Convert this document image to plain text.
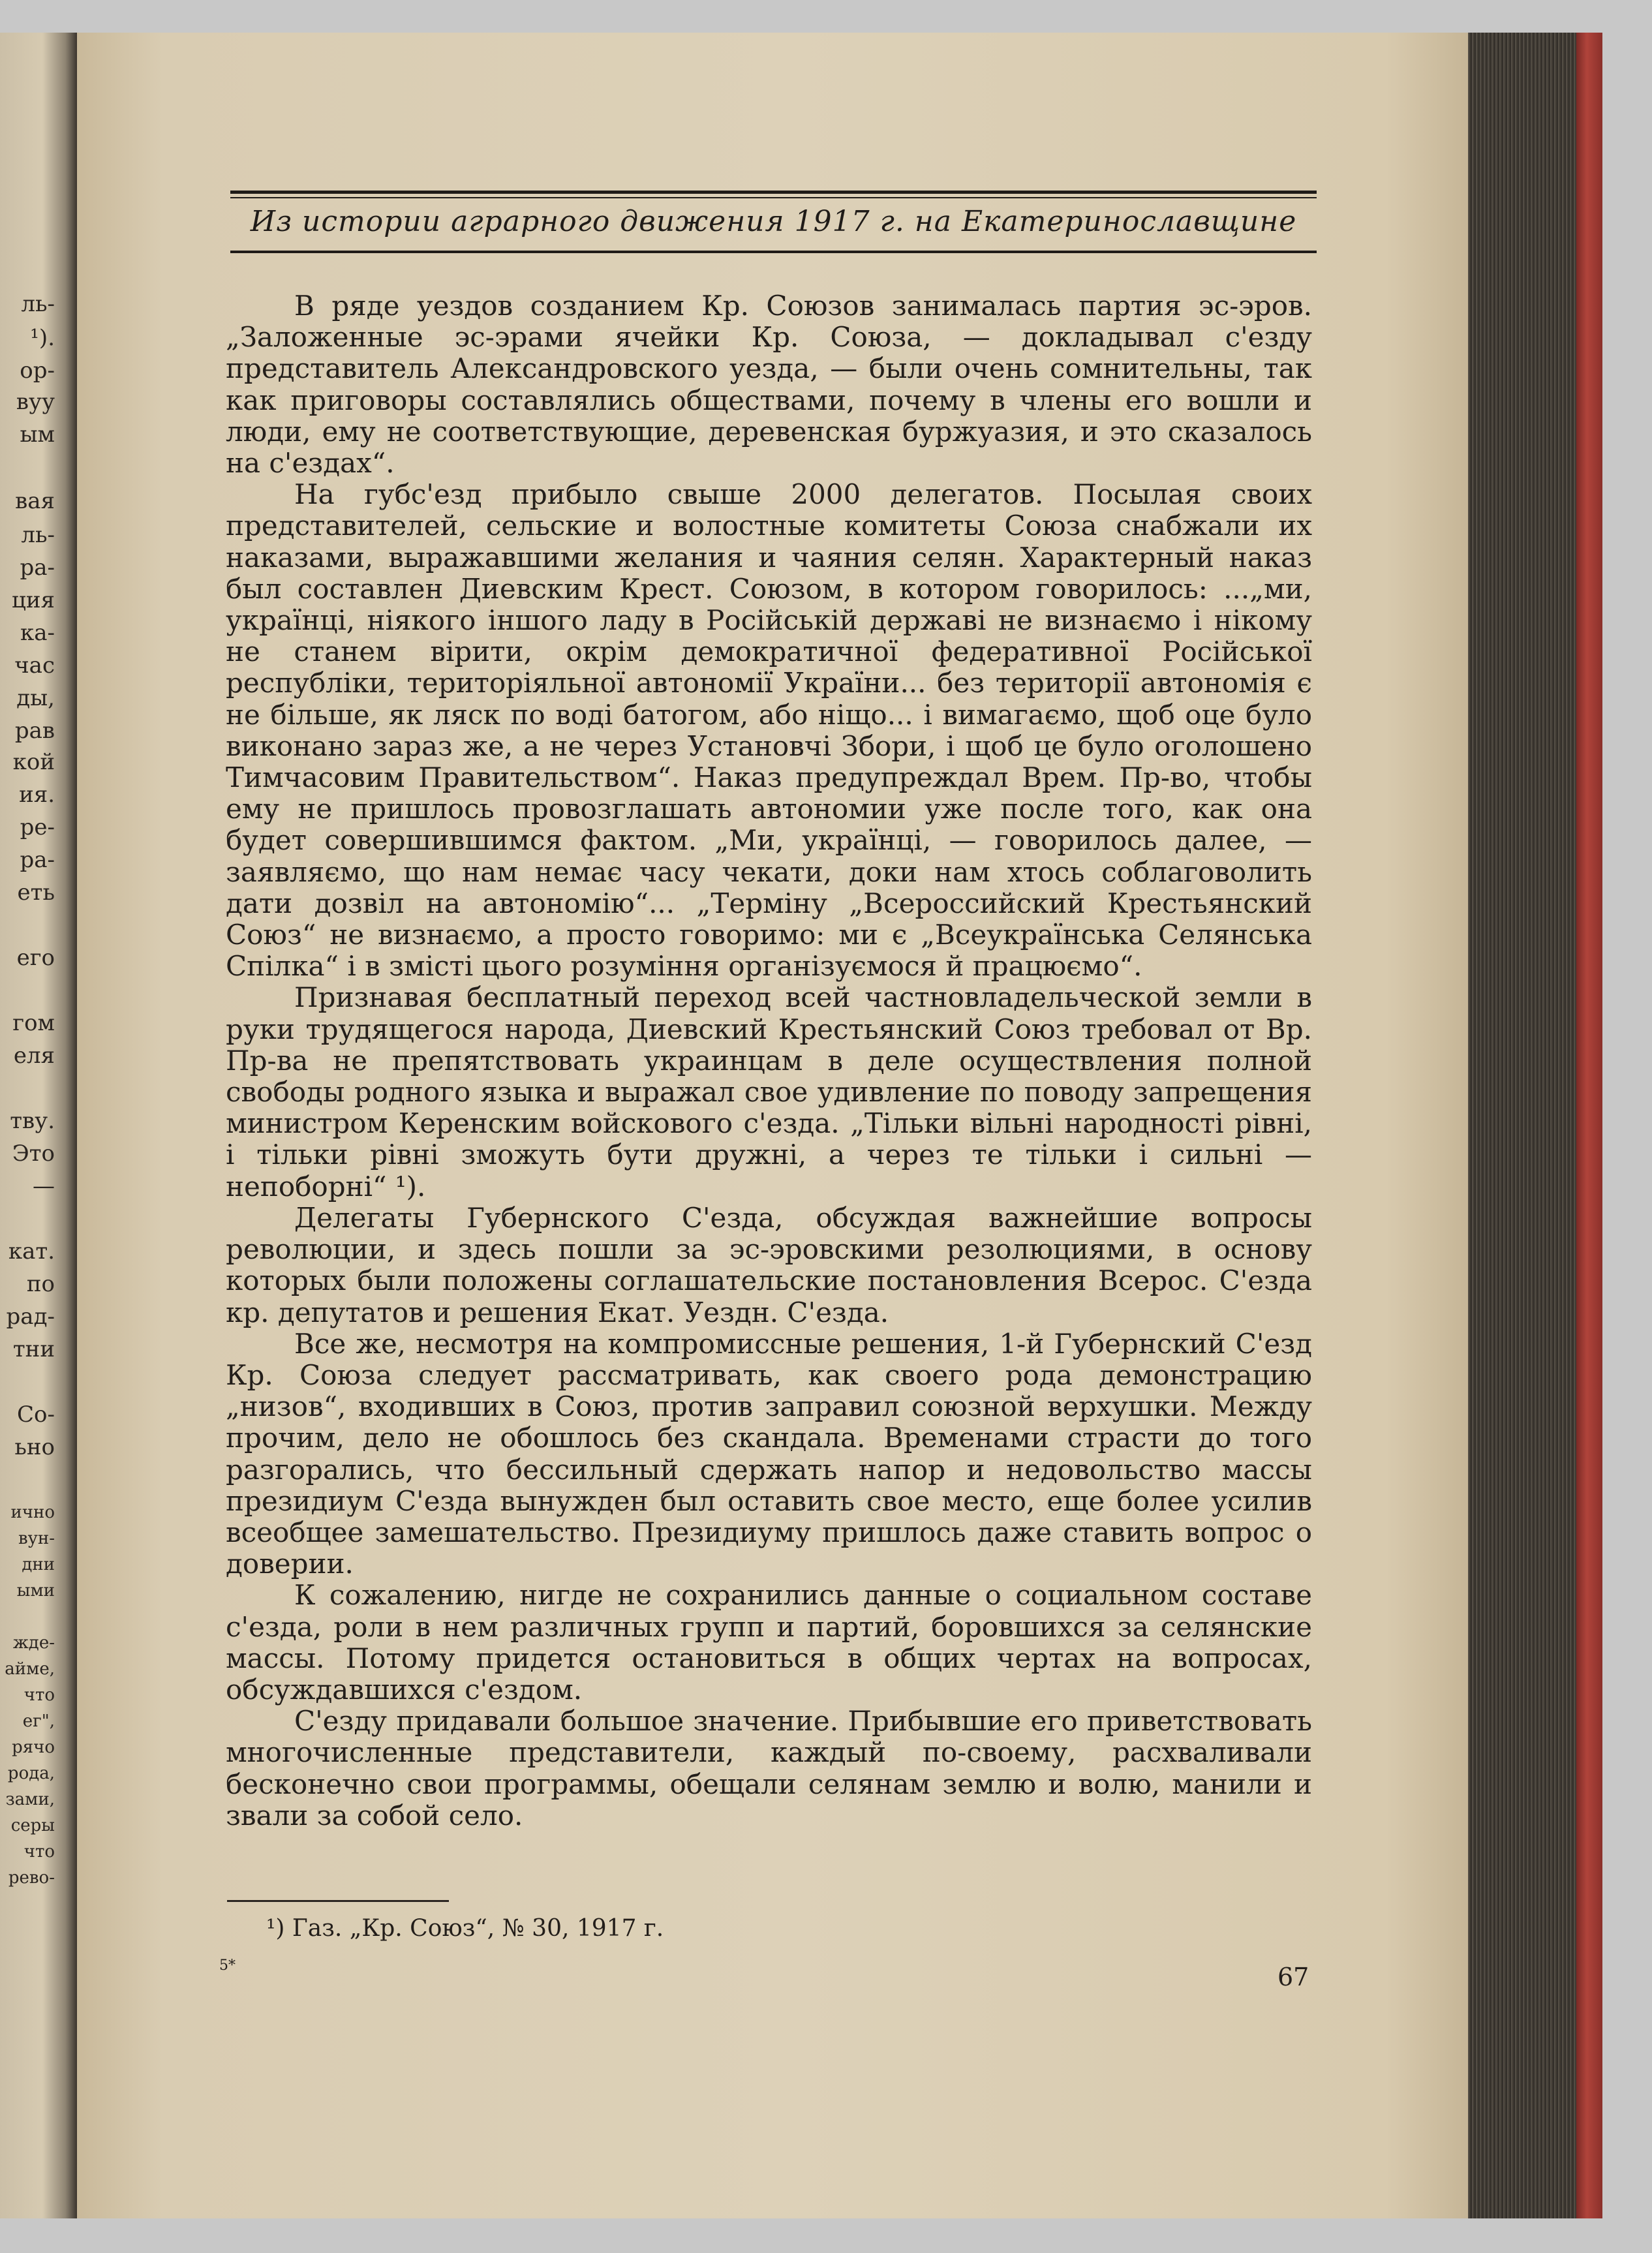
ль-
¹).
ор-
вуу
ым
вая
ль-
ра-
ция
ка-
час
ды,
рав
кой
ия.
ре-
ра-
еть
его
гом
еля
тву.
Это
—
кат.
по
рад-
тни
Со-
ьно
ично
вун-
дни
ыми
жде-
айме,
что
ег",
рячо
рода,
зами,
серы
что
рево-
Из истории аграрного движения 1917 г. на Екатеринославщине

В ряде уездов созданием Кр. Союзов занималась партия эс-эров. „Заложенные эс-эрами ячейки Кр. Союза, — докладывал с'езду представитель Александровского уезда, — были очень сомнительны, так как приговоры составлялись обществами, почему в члены его вошли и люди, ему не соответствующие, деревенская буржуазия, и это сказалось на с'ездах“.

На губс'езд прибыло свыше 2000 делегатов. Посылая своих представителей, сельские и волостные комитеты Союза снабжали их наказами, выражавшими желания и чаяния селян. Характерный наказ был составлен Диевским Крест. Союзом, в котором говорилось: ...„ми, українці, ніякого іншого ладу в Російській державі не визнаємо і нікому не станем вірити, окрім демократичної федеративної Російської республіки, територіяльної автономії України... без території автономія є не більше, як ляск по воді батогом, або ніщо... і вимагаємо, щоб оце було виконано зараз же, а не через Установчі Збори, і щоб це було оголошено Тимчасовим Правительством“. Наказ предупреждал Врем. Пр-во, чтобы ему не пришлось провозглашать автономии уже после того, как она будет совершившимся фактом. „Ми, українці, — говорилось далее, — заявляємо, що нам немає часу чекати, доки нам хтось соблаговолить дати дозвіл на автономію“... „Терміну „Всероссийский Крестьянский Союз“ не визнаємо, а просто говоримо: ми є „Всеукраїнська Селянська Спілка“ і в змісті цього розуміння організуємося й працюємо“.

Признавая бесплатный переход всей частновладельческой земли в руки трудящегося народа, Диевский Крестьянский Союз требовал от Вр. Пр-ва не препятствовать украинцам в деле осуществления полной свободы родного языка и выражал свое удивление по поводу запрещения министром Керенским войскового с'езда. „Тільки вільні народності рівні, і тільки рівні зможуть бути дружні, а через те тільки і сильні — непоборні“ ¹).

Делегаты Губернского С'езда, обсуждая важнейшие вопросы революции, и здесь пошли за эс-эровскими резолюциями, в основу которых были положены соглашательские постановления Всерос. С'езда кр. депутатов и решения Екат. Уездн. С'езда.

Все же, несмотря на компромиссные решения, 1-й Губернский С'езд Кр. Союза следует рассматривать, как своего рода демонстрацию „низов“, входивших в Союз, против заправил союзной верхушки. Между прочим, дело не обошлось без скандала. Временами страсти до того разгорались, что бессильный сдержать напор и недовольство массы президиум С'езда вынужден был оставить свое место, еще более усилив всеобщее замешательство. Президиуму пришлось даже ставить вопрос о доверии.

К сожалению, нигде не сохранились данные о социальном составе с'езда, роли в нем различных групп и партий, боровшихся за селянские массы. Потому придется остановиться в общих чертах на вопросах, обсуждавшихся с'ездом.

С'езду придавали большое значение. Прибывшие его приветствовать многочисленные представители, каждый по-своему, расхваливали бесконечно свои программы, обещали селянам землю и волю, манили и звали за собой село.

¹) Газ. „Кр. Союз“, № 30, 1917 г.
5*	67
